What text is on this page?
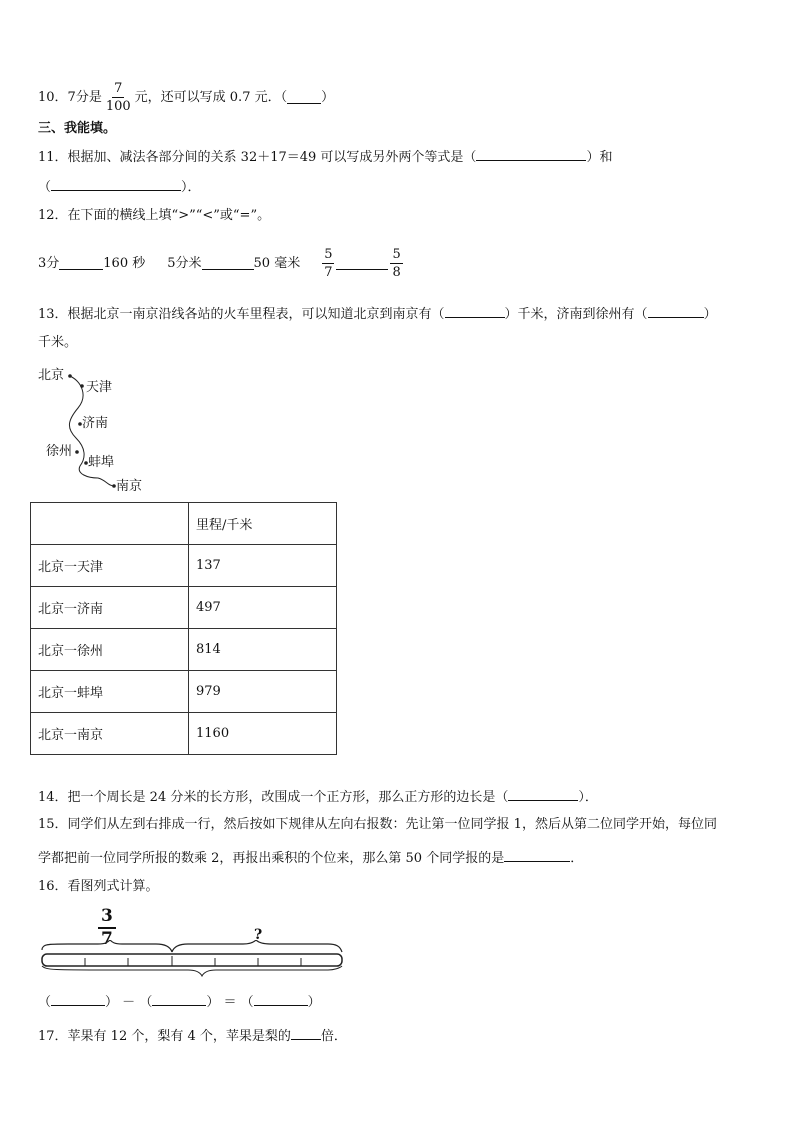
10．7分是 $\frac{7}{100}$ 元，还可以写成 0.7 元．（	）
三、我能填。
11．根据加、减法各部分间的关系 32＋17＝49 可以写成另外两个等式是（	）和
（	）．
12．在下面的横线上填“>”“<”或“=”。
3分	160 秒 5分米	50 毫米 $\frac{5}{7}$	$\frac{5}{8}$
13．根据北京一南京沿线各站的火车里程表，可以知道北京到南京有（	）千米，济南到徐州有（	）
千米。
北京
天津
济南
徐州
蚌埠
南京
	里程/千米
北京一天津	137
北京一济南	497
北京一徐州	814
北京一蚌埠	979
北京一南京	1160
14．把一个周长是 24 分米的长方形，改围成一个正方形，那么正方形的边长是（	）．
15．同学们从左到右排成一行，然后按如下规律从左向右报数：先让第一位同学报 1，然后从第二位同学开始，每位同
学都把前一位同学所报的数乘 2，再报出乘积的个位来，那么第 50 个同学报的是	．
16．看图列式计算。
$\frac{3}{7}$	?
（	） － （	） ＝ （	）
17．苹果有 12 个，梨有 4 个，苹果是梨的 倍．
